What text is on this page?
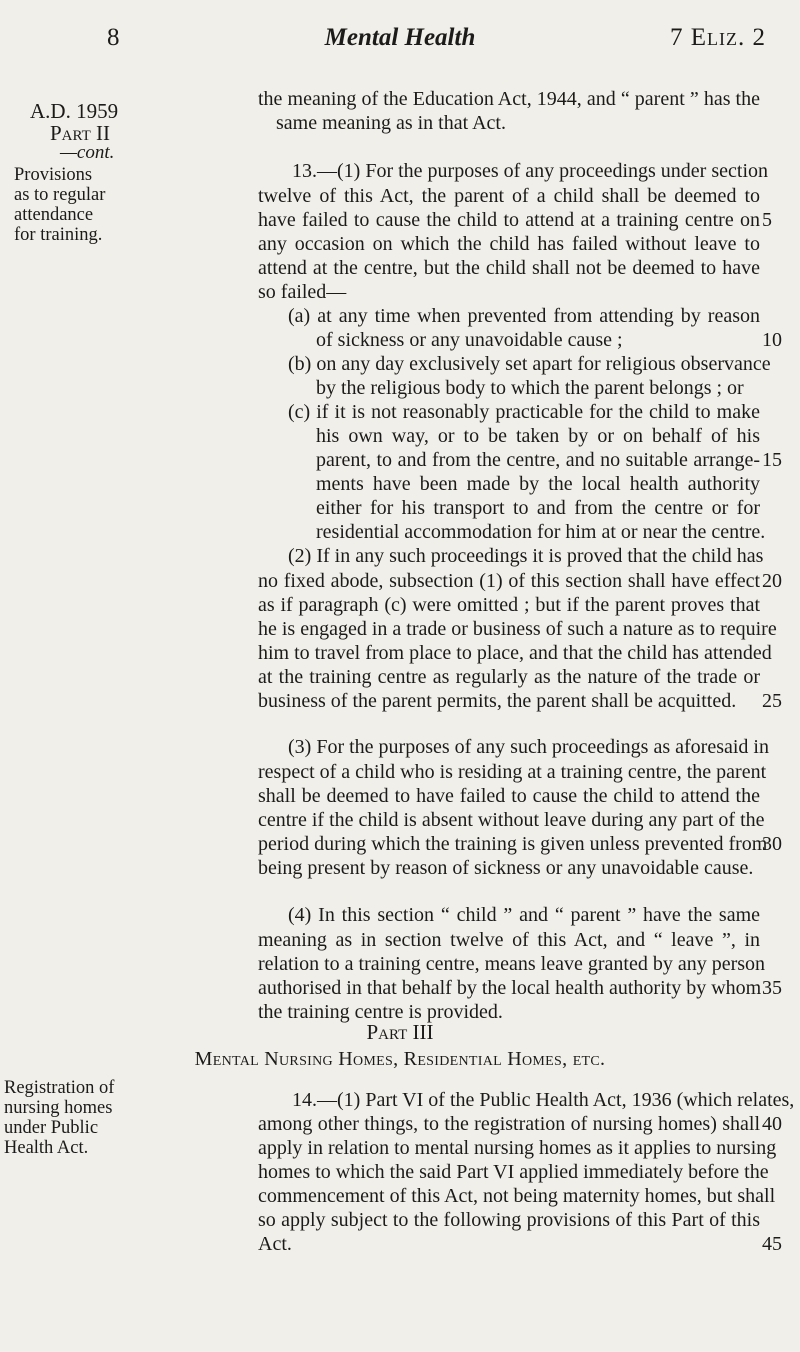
8	Mental Health	7 Eliz. 2
A.D. 1959
Part II
—cont.
Provisions
as to regular
attendance
for training.
Registration of
nursing homes
under Public
Health Act.
the meaning of the Education Act, 1944, and “ parent ” has the
same meaning as in that Act.
13.—(1) For the purposes of any proceedings under section
twelve of this Act, the parent of a child shall be deemed to
have failed to cause the child to attend at a training centre on
any occasion on which the child has failed without leave to
attend at the centre, but the child shall not be deemed to have
so failed—
(a) at any time when prevented from attending by reason
of sickness or any unavoidable cause ;
(b) on any day exclusively set apart for religious observance
by the religious body to which the parent belongs ; or
(c) if it is not reasonably practicable for the child to make
his own way, or to be taken by or on behalf of his
parent, to and from the centre, and no suitable arrange-
ments have been made by the local health authority
either for his transport to and from the centre or for
residential accommodation for him at or near the centre.
(2) If in any such proceedings it is proved that the child has
no fixed abode, subsection (1) of this section shall have effect
as if paragraph (c) were omitted ; but if the parent proves that
he is engaged in a trade or business of such a nature as to require
him to travel from place to place, and that the child has attended
at the training centre as regularly as the nature of the trade or
business of the parent permits, the parent shall be acquitted.
(3) For the purposes of any such proceedings as aforesaid in
respect of a child who is residing at a training centre, the parent
shall be deemed to have failed to cause the child to attend the
centre if the child is absent without leave during any part of the
period during which the training is given unless prevented from
being present by reason of sickness or any unavoidable cause.
(4) In this section “ child ” and “ parent ” have the same
meaning as in section twelve of this Act, and “ leave ”, in
relation to a training centre, means leave granted by any person
authorised in that behalf by the local health authority by whom
the training centre is provided.
14.—(1) Part VI of the Public Health Act, 1936 (which relates,
among other things, to the registration of nursing homes) shall
apply in relation to mental nursing homes as it applies to nursing
homes to which the said Part VI applied immediately before the
commencement of this Act, not being maternity homes, but shall
so apply subject to the following provisions of this Part of this
Act.
Part III
Mental Nursing Homes, Residential Homes, etc.
5
10
15
20
25
30
35
40
45
